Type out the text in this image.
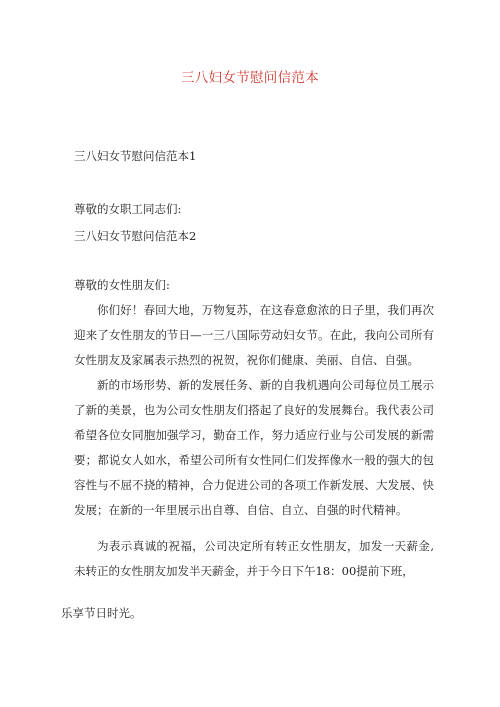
三八妇女节慰问信范本
三八妇女节慰问信范本1
尊敬的女职工同志们:
三八妇女节慰问信范本2
尊敬的女性朋友们:
你们好！春回大地，万物复苏，在这春意愈浓的日子里，我们再次迎来了女性朋友的节日—一三八国际劳动妇女节。在此，我向公司所有女性朋友及家属表示热烈的祝贺，祝你们健康、美丽、自信、自强。
新的市场形势、新的发展任务、新的自我机遇向公司每位员工展示了新的美景，也为公司女性朋友们搭起了良好的发展舞台。我代表公司希望各位女同胞加强学习，勤奋工作，努力适应行业与公司发展的新需要；都说女人如水，希望公司所有女性同仁们发挥像水一般的强大的包容性与不屈不挠的精神，合力促进公司的各项工作新发展、大发展、快发展；在新的一年里展示出自尊、自信、自立、自强的时代精神。
为表示真诚的祝福，公司决定所有转正女性朋友，加发一天薪金,未转正的女性朋友加发半天薪金，并于今日下午18：00提前下班，
乐享节日时光。
